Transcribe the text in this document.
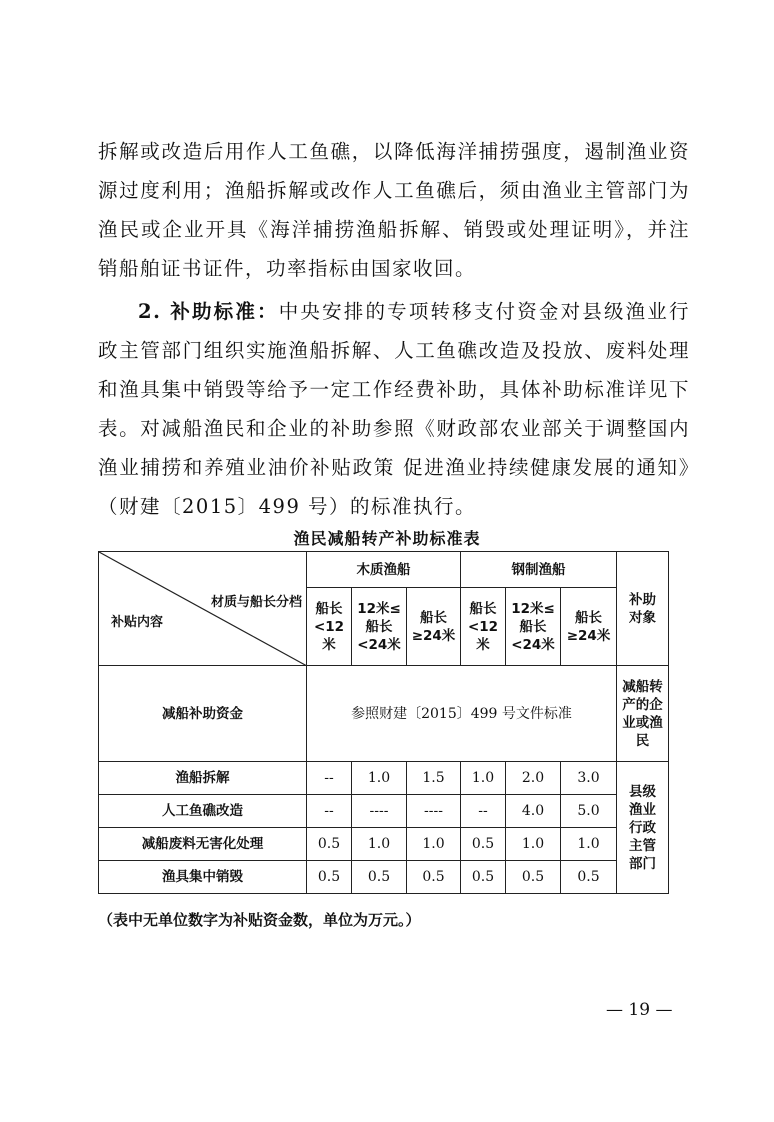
拆解或改造后用作人工鱼礁，以降低海洋捕捞强度，遏制渔业资源过度利用；渔船拆解或改作人工鱼礁后，须由渔业主管部门为渔民或企业开具《海洋捕捞渔船拆解、销毁或处理证明》，并注销船舶证书证件，功率指标由国家收回。

2. 补助标准：中央安排的专项转移支付资金对县级渔业行政主管部门组织实施渔船拆解、人工鱼礁改造及投放、废料处理和渔具集中销毁等给予一定工作经费补助，具体补助标准详见下表。对减船渔民和企业的补助参照《财政部农业部关于调整国内渔业捕捞和养殖业油价补贴政策 促进渔业持续健康发展的通知》（财建〔2015〕499 号）的标准执行。

渔民减船转产补助标准表
材质与船长分档
补贴内容	木质渔船			钢制渔船			补助对象
	船长<12米	12米≤船长<24米	船长≥24米	船长<12米	12米≤船长<24米	船长≥24米	
减船补助资金	参照财建〔2015〕499 号文件标准						减船转产的企业或渔民
渔船拆解	--	1.0	1.5	1.0	2.0	3.0	县级渔业行政主管部门
人工鱼礁改造	--	----	----	--	4.0	5.0	
减船废料无害化处理	0.5	1.0	1.0	0.5	1.0	1.0	
渔具集中销毁	0.5	0.5	0.5	0.5	0.5	0.5	
（表中无单位数字为补贴资金数，单位为万元。）
— 19 —
